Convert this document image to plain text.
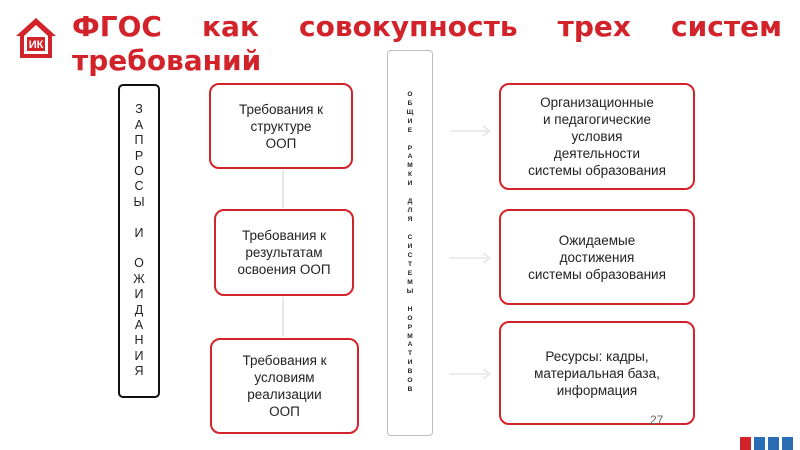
ИК
ФГОС как совокупность трех систем
требований
З
А
П
Р
О
С
Ы
И
О
Ж
И
Д
А
Н
И
Я
О
Б
Щ
И
Е
Р
А
М
К
И
Д
Л
Я
С
И
С
Т
Е
М
Ы
Н
О
Р
М
А
Т
И
В
О
В
Требования к
структуре
ООП
Требования к
результатам
освоения ООП
Требования к
условиям
реализации
ООП
Организационные
и педагогические
условия
деятельности
системы образования
Ожидаемые
достижения
системы образования
Ресурсы: кадры,
материальная база,
информация
27
